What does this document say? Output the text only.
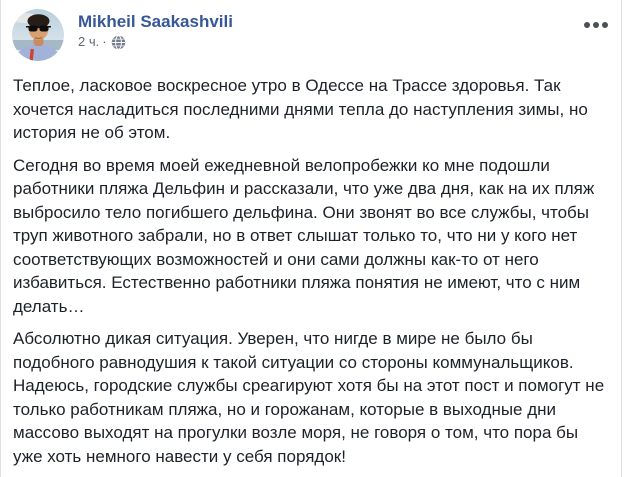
Mikheil Saakashvili
2 ч. ·

Теплое, ласковое воскресное утро в Одессе на Трассе здоровья. Так хочется насладиться последними днями тепла до наступления зимы, но история не об этом.

Сегодня во время моей ежедневной велопробежки ко мне подошли работники пляжа Дельфин и рассказали, что уже два дня, как на их пляж выбросило тело погибшего дельфина. Они звонят во все службы, чтобы труп животного забрали, но в ответ слышат только то, что ни у кого нет соответствующих возможностей и они сами должны как-то от него избавиться. Естественно работники пляжа понятия не имеют, что с ним делать…

Абсолютно дикая ситуация. Уверен, что нигде в мире не было бы подобного равнодушия к такой ситуации со стороны коммунальщиков. Надеюсь, городские службы среагируют хотя бы на этот пост и помогут не только работникам пляжа, но и горожанам, которые в выходные дни массово выходят на прогулки возле моря, не говоря о том, что пора бы уже хоть немного навести у себя порядок!
